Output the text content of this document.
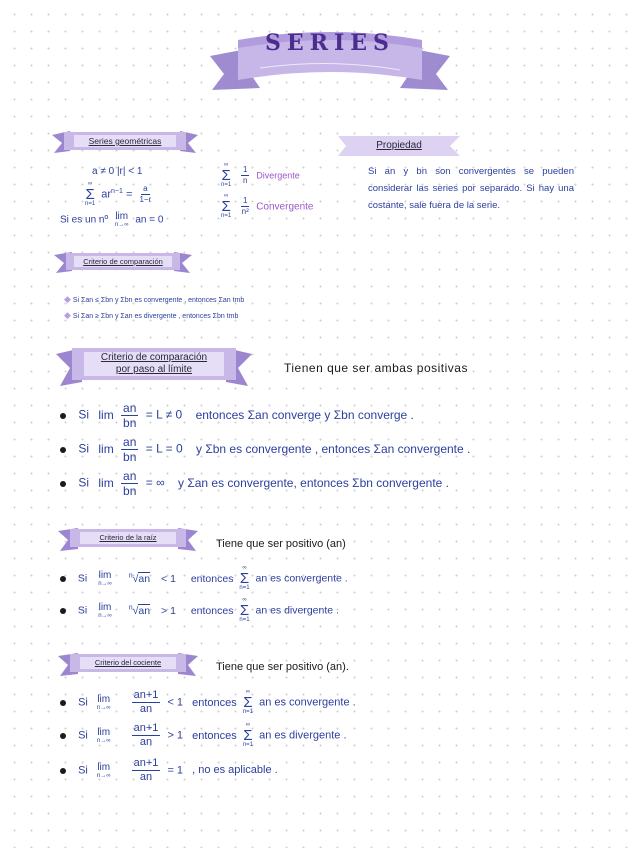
SERIES
Series geométricas
a ≠ 0 |r| < 1
∞
Σ
n=1
$ar^{n-1} = \frac{a}{1-r}$
Si es un nº lim
n→∞ an = 0
∞
Σ
n=1
$\frac{1}{n}$ Divergente
∞
Σ
n=1
$\frac{1}{\text{n²}}$ Convergente
Propiedad
Si an y bn son convergentes se pueden considerar las series por separado. Si hay una costante, sale fuera de la serie.
Criterio de comparación
◆ Si Σan ≤ Σbn y Σbn es convergente , entonces Σan tmb
◆ Si Σan ≥ Σbn y Σan es divergente , entonces Σbn tmb
Criterio de comparación
por paso al límite	Tienen que ser ambas positivas
Si $\lim \frac{an}{bn} = L \ne 0$ entonces Σan converge y Σbn converge .
Si $\lim \frac{an}{bn} = L = 0$ y Σbn es convergente , entonces Σan convergente .
Si $\lim \frac{an}{bn}$ = ∞ y Σan es convergente, entonces Σbn convergente .
Criterio de la raíz
Tiene que ser positivo (an)
Si lim
n→∞
$^n$√an < 1 entonces
∞
Σ
n=1
an es convergente .
Si lim
n→∞
$^n$√an > 1 entonces
∞
Σ
n=1
an es divergente .
Criterio del cociente	Tiene que ser positivo (an).
Si lim
n→∞
$\frac{an+1}{an} < 1$ entonces
∞
Σ
n=1
an es convergente .
Si lim
n→∞
$\frac{an+1}{an} > 1$ entonces
∞
Σ
n=1
an es divergente .
Si lim
n→∞
$\frac{an+1}{an} = 1$ , no es aplicable .
